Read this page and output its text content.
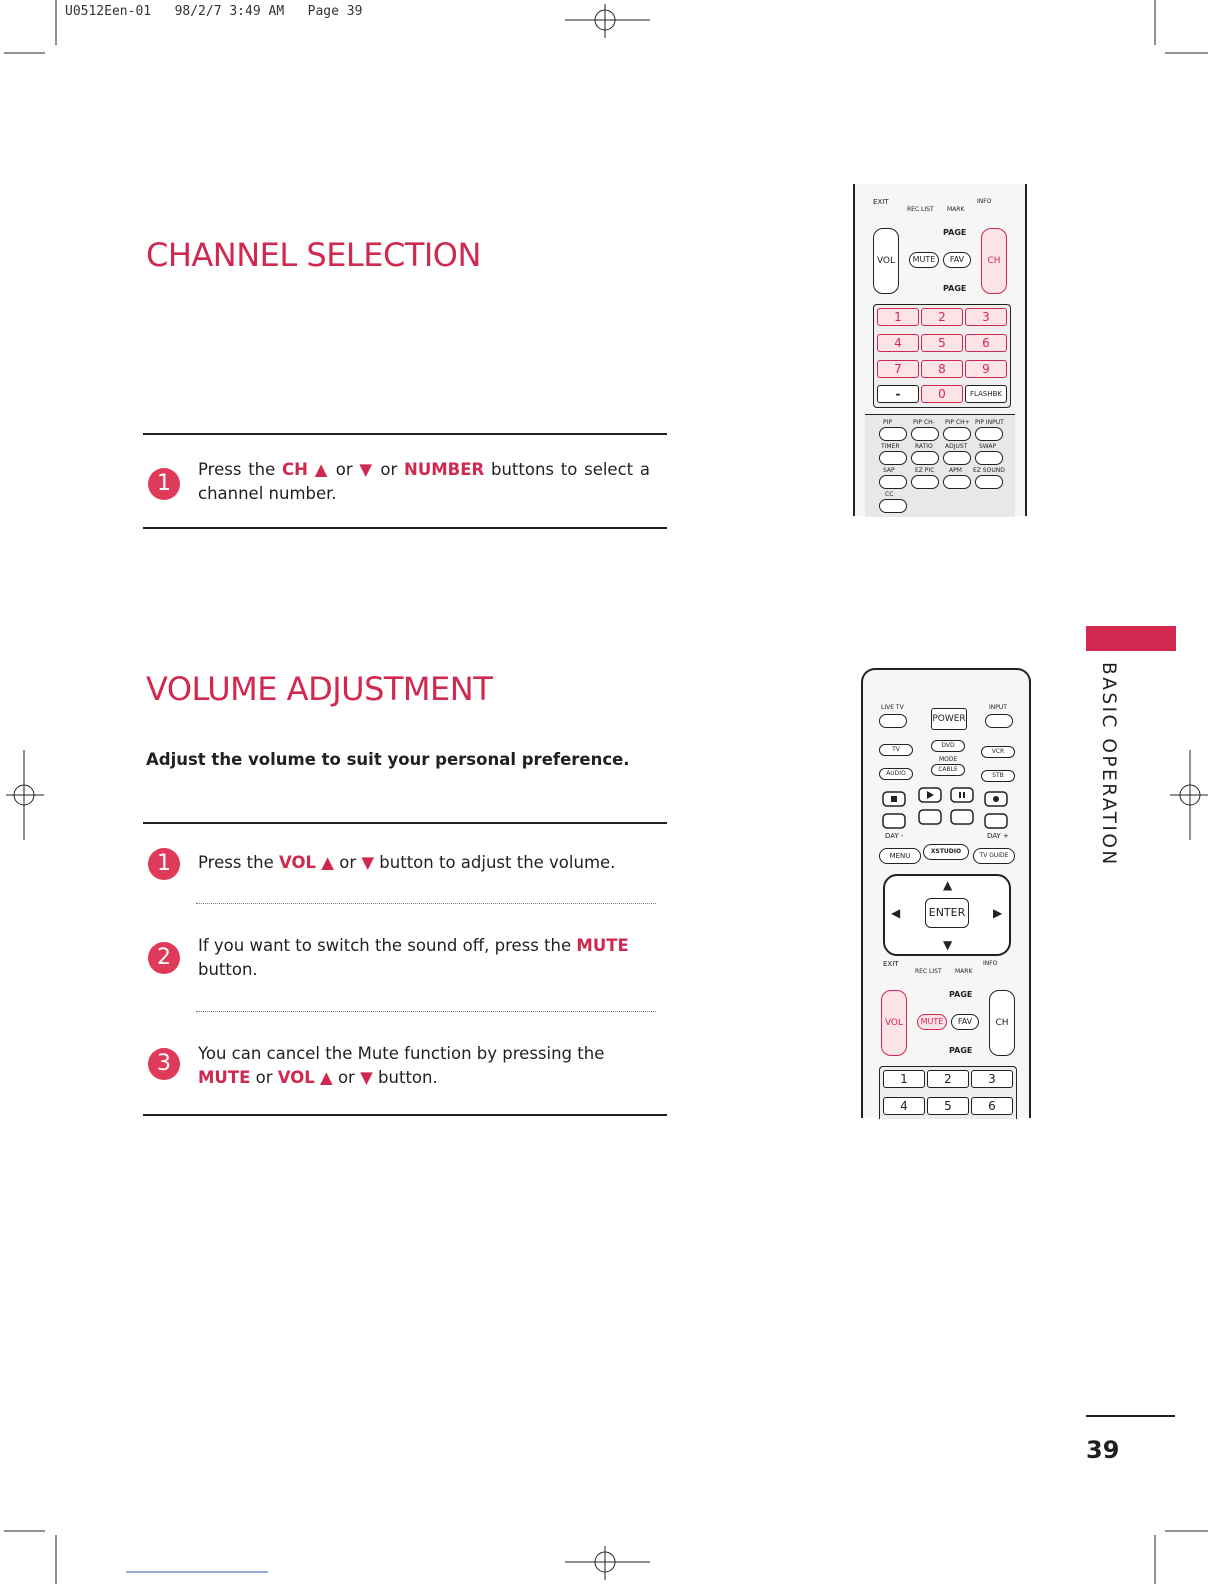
U0512Een-01   98/2/7 3:49 AM   Page 39
CHANNEL SELECTION
1
Press the CH ▲ or ▼ or NUMBER buttons to select a channel number.
VOLUME ADJUSTMENT
Adjust the volume to suit your personal preference.
1	Press the VOL ▲ or ▼ button to adjust the volume.
2	If you want to switch the sound off, press the MUTE button.
3	You can cancel the Mute function by pressing the MUTE or VOL ▲ or ▼ button.
BASIC OPERATION
39
EXIT
REC LIST MARK
INFO
PAGE
PAGE
VOL	MUTE	FAV	CH
1	2	3
4	5	6
7	8	9
-	0	FLASHBK
PIP	PIP CH- PIP CH+ PIP INPUT
TIMER	RATIO ADJUST SWAP
SAP	EZ PIC APM EZ SOUND
CC
LIVE TV	INPUT
POWER
TV
DVD
VCR
MODE
AUDIO
CABLE
STB
DAY -	DAY +
MENU
XSTUDIO
TV GUIDE
▲
▼
◀	▶
ENTER
EXIT
REC LIST MARK
INFO
PAGE
PAGE
VOL	MUTE	FAV	CH
1	2	3
4	5	6
